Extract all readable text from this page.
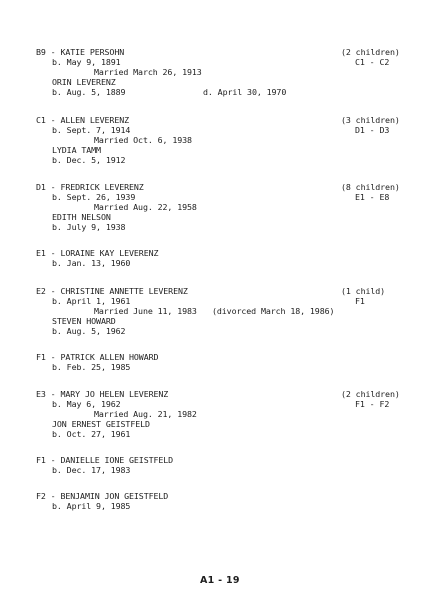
B9 - KATIE PERSOHN	(2 children)
b. May 9, 1891	C1 - C2
Married March 26, 1913
ORIN LEVERENZ
b. Aug. 5, 1889	d. April 30, 1970
C1 - ALLEN LEVERENZ	(3 children)
b. Sept. 7, 1914	D1 - D3
Married Oct. 6, 1938
LYDIA TAMM
b. Dec. 5, 1912
D1 - FREDRICK LEVERENZ	(8 children)
b. Sept. 26, 1939	E1 - E8
Married Aug. 22, 1958
EDITH NELSON
b. July 9, 1938
E1 - LORAINE KAY LEVERENZ
b. Jan. 13, 1960
E2 - CHRISTINE ANNETTE LEVERENZ	(1 child)
b. April 1, 1961	F1
Married June 11, 1983 (divorced March 18, 1986)
STEVEN HOWARD
b. Aug. 5, 1962
F1 - PATRICK ALLEN HOWARD
b. Feb. 25, 1985
E3 - MARY JO HELEN LEVERENZ	(2 children)
b. May 6, 1962	F1 - F2
Married Aug. 21, 1982
JON ERNEST GEISTFELD
b. Oct. 27, 1961
F1 - DANIELLE IONE GEISTFELD
b. Dec. 17, 1983
F2 - BENJAMIN JON GEISTFELD
b. April 9, 1985
A1 - 19
